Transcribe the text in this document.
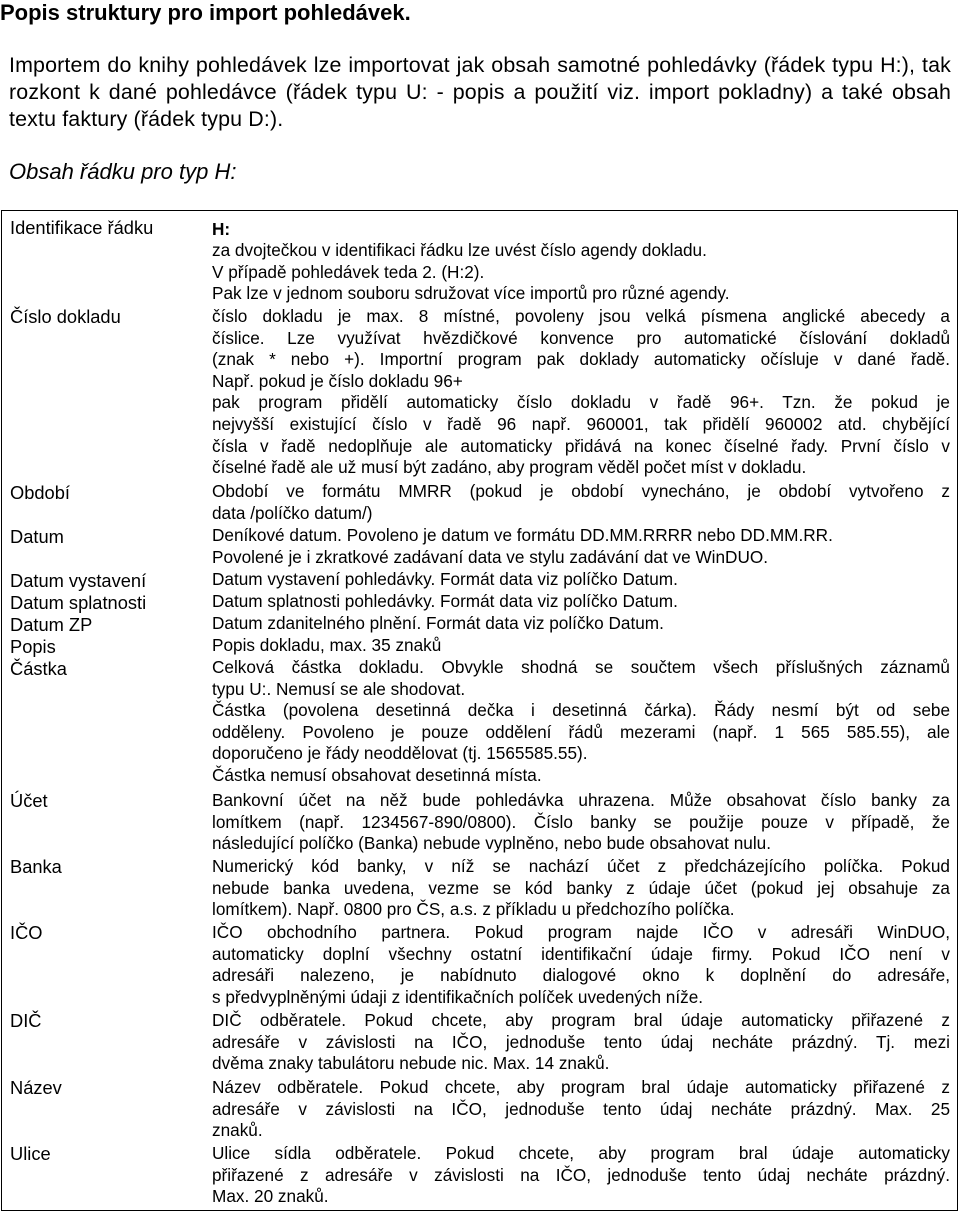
Popis struktury pro import pohledávek.

Importem do knihy pohledávek lze importovat jak obsah samotné pohledávky (řádek typu H:), tak rozkont k dané pohledávce (řádek typu U: - popis a použití viz. import pokladny) a také obsah textu faktury (řádek typu D:).

Obsah řádku pro typ H:
Identifikace řádku	H:
za dvojtečkou v identifikaci řádku lze uvést číslo agendy dokladu.
V případě pohledávek teda 2. (H:2).
Pak lze v jednom souboru sdružovat více importů pro různé agendy.
Číslo dokladu	číslo dokladu je max. 8 místné, povoleny jsou velká písmena anglické abecedy a
číslice. Lze využívat hvězdičkové konvence pro automatické číslování dokladů
(znak * nebo +). Importní program pak doklady automaticky očísluje v dané řadě.
Např. pokud je číslo dokladu 96+
pak program přidělí automaticky číslo dokladu v řadě 96+. Tzn. že pokud je
nejvyšší existující číslo v řadě 96 např. 960001, tak přidělí 960002 atd. chybějící
čísla v řadě nedoplňuje ale automaticky přidává na konec číselné řady. První číslo v
číselné řadě ale už musí být zadáno, aby program věděl počet míst v dokladu.
Období	Období ve formátu MMRR (pokud je období vynecháno, je období vytvořeno z
data /políčko datum/)
Datum	Deníkové datum. Povoleno je datum ve formátu DD.MM.RRRR nebo DD.MM.RR.
Povolené je i zkratkové zadávaní data ve stylu zadávání dat ve WinDUO.
Datum vystavení	Datum vystavení pohledávky. Formát data viz políčko Datum.
Datum splatnosti	Datum splatnosti pohledávky. Formát data viz políčko Datum.
Datum ZP	Datum zdanitelného plnění. Formát data viz políčko Datum.
Popis	Popis dokladu, max. 35 znaků
Částka	Celková částka dokladu. Obvykle shodná se součtem všech příslušných záznamů
typu U:. Nemusí se ale shodovat.
Částka (povolena desetinná dečka i desetinná čárka). Řády nesmí být od sebe
odděleny. Povoleno je pouze oddělení řádů mezerami (např. 1 565 585.55), ale
doporučeno je řády neoddělovat (tj. 1565585.55).
Částka nemusí obsahovat desetinná místa.
Účet	Bankovní účet na něž bude pohledávka uhrazena. Může obsahovat číslo banky za
lomítkem (např. 1234567-890/0800). Číslo banky se použije pouze v případě, že
následující políčko (Banka) nebude vyplněno, nebo bude obsahovat nulu.
Banka	Numerický kód banky, v níž se nachází účet z předcházejícího políčka. Pokud
nebude banka uvedena, vezme se kód banky z údaje účet (pokud jej obsahuje za
lomítkem). Např. 0800 pro ČS, a.s. z příkladu u předchozího políčka.
IČO	IČO obchodního partnera. Pokud program najde IČO v adresáři WinDUO,
automaticky doplní všechny ostatní identifikační údaje firmy. Pokud IČO není v
adresáři nalezeno, je nabídnuto dialogové okno k doplnění do adresáře,
s předvyplněnými údaji z identifikačních políček uvedených níže.
DIČ	DIČ odběratele. Pokud chcete, aby program bral údaje automaticky přiřazené z
adresáře v závislosti na IČO, jednoduše tento údaj necháte prázdný. Tj. mezi
dvěma znaky tabulátoru nebude nic. Max. 14 znaků.
Název	Název odběratele. Pokud chcete, aby program bral údaje automaticky přiřazené z
adresáře v závislosti na IČO, jednoduše tento údaj necháte prázdný. Max. 25
znaků.
Ulice	Ulice sídla odběratele. Pokud chcete, aby program bral údaje automaticky
přiřazené z adresáře v závislosti na IČO, jednoduše tento údaj necháte prázdný.
Max. 20 znaků.
